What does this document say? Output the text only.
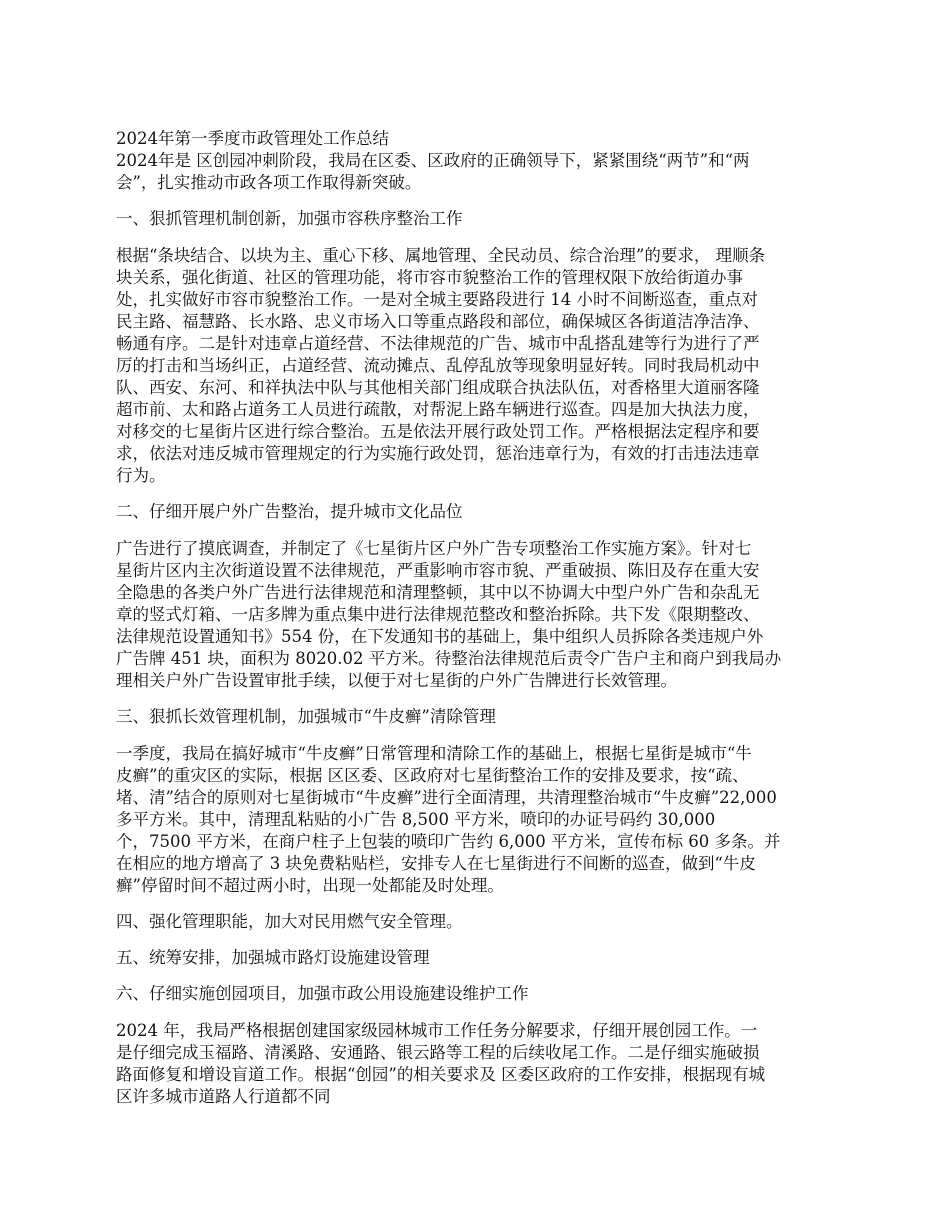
2024年第一季度市政管理处工作总结

2024年是 区创园冲刺阶段，我局在区委、区政府的正确领导下，紧紧围绕“两节”和“两

会”，扎实推动市政各项工作取得新突破。

一、狠抓管理机制创新，加强市容秩序整治工作

根据“条块结合、以块为主、重心下移、属地管理、全民动员、综合治理”的要求， 理顺条

块关系，强化街道、社区的管理功能，将市容市貌整治工作的管理权限下放给街道办事

处，扎实做好市容市貌整治工作。一是对全城主要路段进行 14 小时不间断巡查，重点对

民主路、福慧路、长水路、忠义市场入口等重点路段和部位，确保城区各街道洁净洁净、

畅通有序。二是针对违章占道经营、不法律规范的广告、城市中乱搭乱建等行为进行了严

厉的打击和当场纠正，占道经营、流动摊点、乱停乱放等现象明显好转。同时我局机动中

队、西安、东河、和祥执法中队与其他相关部门组成联合执法队伍，对香格里大道丽客隆

超市前、太和路占道务工人员进行疏散，对帮泥上路车辆进行巡查。四是加大执法力度，

对移交的七星街片区进行综合整治。五是依法开展行政处罚工作。严格根据法定程序和要

求，依法对违反城市管理规定的行为实施行政处罚，惩治违章行为，有效的打击违法违章

行为。

二、仔细开展户外广告整治，提升城市文化品位

广告进行了摸底调查，并制定了《七星街片区户外广告专项整治工作实施方案》。针对七

星街片区内主次街道设置不法律规范，严重影响市容市貌、严重破损、陈旧及存在重大安

全隐患的各类户外广告进行法律规范和清理整顿，其中以不协调大中型户外广告和杂乱无

章的竖式灯箱、一店多牌为重点集中进行法律规范整改和整治拆除。共下发《限期整改、

法律规范设置通知书》554 份，在下发通知书的基础上，集中组织人员拆除各类违规户外

广告牌 451 块，面积为 8020.02 平方米。待整治法律规范后责令广告户主和商户到我局办

理相关户外广告设置审批手续，以便于对七星街的户外广告牌进行长效管理。

三、狠抓长效管理机制，加强城市“牛皮癣”清除管理

一季度，我局在搞好城市“牛皮癣”日常管理和清除工作的基础上，根据七星街是城市“牛

皮癣”的重灾区的实际，根据 区区委、区政府对七星街整治工作的安排及要求，按“疏、

堵、清”结合的原则对七星街城市“牛皮癣”进行全面清理，共清理整治城市“牛皮癣”22,000

多平方米。其中，清理乱粘贴的小广告 8,500 平方米，喷印的办证号码约 30,000

个，7500 平方米，在商户柱子上包装的喷印广告约 6,000 平方米，宣传布标 60 多条。并

在相应的地方增高了 3 块免费粘贴栏，安排专人在七星街进行不间断的巡查，做到“牛皮

癣”停留时间不超过两小时，出现一处都能及时处理。

四、强化管理职能，加大对民用燃气安全管理。

五、统筹安排，加强城市路灯设施建设管理

六、仔细实施创园项目，加强市政公用设施建设维护工作

2024 年，我局严格根据创建国家级园林城市工作任务分解要求，仔细开展创园工作。一

是仔细完成玉福路、清溪路、安通路、银云路等工程的后续收尾工作。二是仔细实施破损

路面修复和增设盲道工作。根据“创园”的相关要求及 区委区政府的工作安排，根据现有城

区许多城市道路人行道都不同
